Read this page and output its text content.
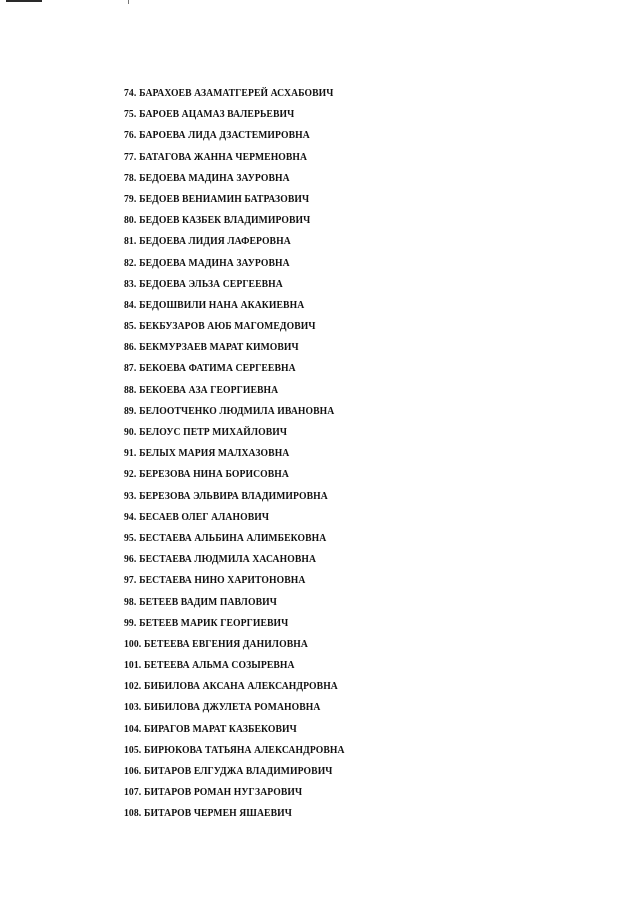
74. БАРАХОЕВ АЗАМАТГЕРЕЙ АСХАБОВИЧ
75. БАРОЕВ АЦАМАЗ ВАЛЕРЬЕВИЧ
76. БАРОЕВА ЛИДА ДЗАСТЕМИРОВНА
77. БАТАГОВА ЖАННА ЧЕРМЕНОВНА
78. БЕДОЕВА МАДИНА ЗАУРОВНА
79. БЕДОЕВ ВЕНИАМИН БАТРАЗОВИЧ
80. БЕДОЕВ КАЗБЕК ВЛАДИМИРОВИЧ
81. БЕДОЕВА ЛИДИЯ ЛАФЕРОВНА
82. БЕДОЕВА МАДИНА ЗАУРОВНА
83. БЕДОЕВА ЭЛЬЗА СЕРГЕЕВНА
84. БЕДОШВИЛИ НАНА АКАКИЕВНА
85. БЕКБУЗАРОВ АЮБ МАГОМЕДОВИЧ
86. БЕКМУРЗАЕВ МАРАТ КИМОВИЧ
87. БЕКОЕВА ФАТИМА СЕРГЕЕВНА
88. БЕКОЕВА АЗА ГЕОРГИЕВНА
89. БЕЛООТЧЕНКО ЛЮДМИЛА ИВАНОВНА
90. БЕЛОУС ПЕТР МИХАЙЛОВИЧ
91. БЕЛЫХ МАРИЯ МАЛХАЗОВНА
92. БЕРЕЗОВА НИНА БОРИСОВНА
93. БЕРЕЗОВА ЭЛЬВИРА ВЛАДИМИРОВНА
94. БЕСАЕВ ОЛЕГ АЛАНОВИЧ
95. БЕСТАЕВА АЛЬБИНА АЛИМБЕКОВНА
96. БЕСТАЕВА ЛЮДМИЛА ХАСАНОВНА
97. БЕСТАЕВА НИНО ХАРИТОНОВНА
98. БЕТЕЕВ ВАДИМ ПАВЛОВИЧ
99. БЕТЕЕВ МАРИК ГЕОРГИЕВИЧ
100. БЕТЕЕВА ЕВГЕНИЯ ДАНИЛОВНА
101. БЕТЕЕВА АЛЬМА СОЗЫРЕВНА
102. БИБИЛОВА АКСАНА АЛЕКСАНДРОВНА
103. БИБИЛОВА ДЖУЛЕТА РОМАНОВНА
104. БИРАГОВ МАРАТ КАЗБЕКОВИЧ
105. БИРЮКОВА ТАТЬЯНА АЛЕКСАНДРОВНА
106. БИТАРОВ ЕЛГУДЖА ВЛАДИМИРОВИЧ
107. БИТАРОВ РОМАН НУГЗАРОВИЧ
108. БИТАРОВ ЧЕРМЕН ЯШАЕВИЧ
